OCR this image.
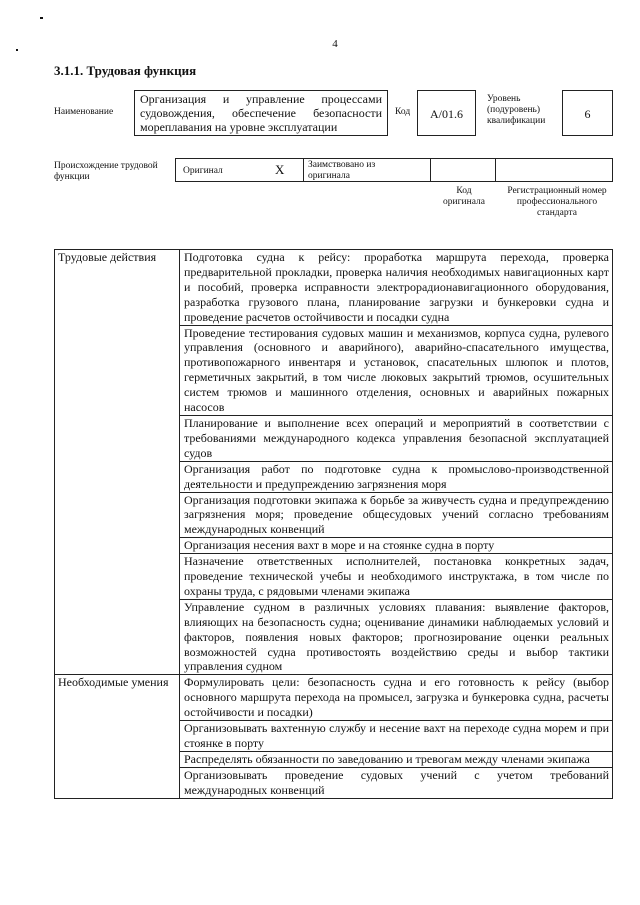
4
3.1.1. Трудовая функция
Наименование
Организация и управление процессами судовождения, обеспечение безопасности мореплавания на уровне эксплуатации
Код	А/01.6
Уровень (подуровень) квалификации	6
Происхождение трудовой функции
Оригинал	X Заимствовано из оригинала
Код оригинала
Регистрационный номер профессионального стандарта
Трудовые действия	Подготовка судна к рейсу: проработка маршрута перехода, проверка предварительной прокладки, проверка наличия необходимых навигационных карт и пособий, проверка исправности электрорадионавигационного оборудования, разработка грузового плана, планирование загрузки и бункеровки судна и проведение расчетов остойчивости и посадки судна
	Проведение тестирования судовых машин и механизмов, корпуса судна, рулевого управления (основного и аварийного), аварийно-спасательного имущества, противопожарного инвентаря и установок, спасательных шлюпок и плотов, герметичных закрытий, в том числе люковых закрытий трюмов, осушительных систем трюмов и машинного отделения, основных и аварийных пожарных насосов
	Планирование и выполнение всех операций и мероприятий в соответствии с требованиями международного кодекса управления безопасной эксплуатацией судов
	Организация работ по подготовке судна к промыслово-производственной деятельности и предупреждению загрязнения моря
	Организация подготовки экипажа к борьбе за живучесть судна и предупреждению загрязнения моря; проведение общесудовых учений согласно требованиям международных конвенций
	Организация несения вахт в море и на стоянке судна в порту
	Назначение ответственных исполнителей, постановка конкретных задач, проведение технической учебы и необходимого инструктажа, в том числе по охраны труда, с рядовыми членами экипажа
	Управление судном в различных условиях плавания: выявление факторов, влияющих на безопасность судна; оценивание динамики наблюдаемых условий и факторов, появления новых факторов; прогнозирование оценки реальных возможностей судна противостоять воздействию среды и выбор тактики управления судном
Необходимые умения	Формулировать цели: безопасность судна и его готовность к рейсу (выбор основного маршрута перехода на промысел, загрузка и бункеровка судна, расчеты остойчивости и посадки)
	Организовывать вахтенную службу и несение вахт на переходе судна морем и при стоянке в порту
	Распределять обязанности по заведованию и тревогам между членами экипажа
	Организовывать проведение судовых учений с учетом требований международных конвенций
